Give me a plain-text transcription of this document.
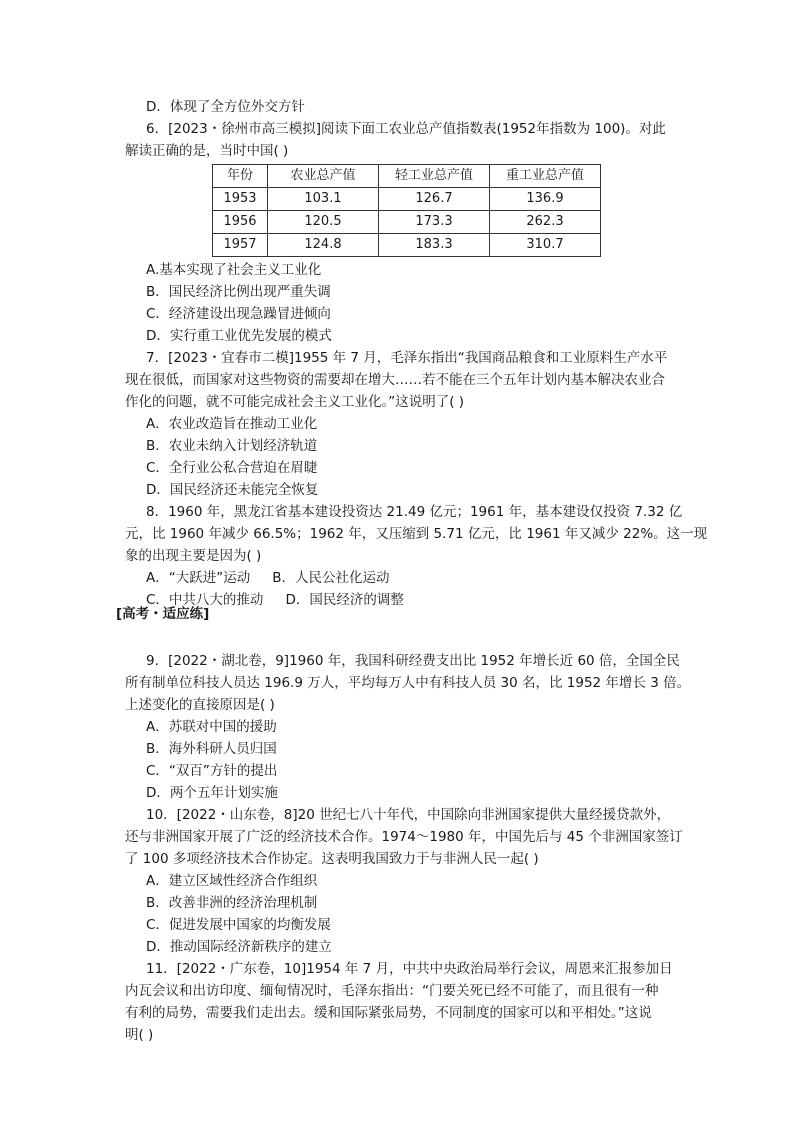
D．体现了全方位外交方针
6．[2023・徐州市高三模拟]阅读下面工农业总产值指数表(1952年指数为 100)。对此
解读正确的是，当时中国( )
年份	农业总产值	轻工业总产值	重工业总产值
1953	103.1	126.7	136.9
1956	120.5	173.3	262.3
1957	124.8	183.3	310.7
A.基本实现了社会主义工业化
B．国民经济比例出现严重失调
C．经济建设出现急躁冒进倾向
D．实行重工业优先发展的模式
7．[2023・宜春市二模]1955 年 7 月，毛泽东指出“我国商品粮食和工业原料生产水平
现在很低，而国家对这些物资的需要却在增大……若不能在三个五年计划内基本解决农业合
作化的问题，就不可能完成社会主义工业化。”这说明了( )
A．农业改造旨在推动工业化
B．农业未纳入计划经济轨道
C．全行业公私合营迫在眉睫
D．国民经济还未能完全恢复
8．1960 年，黑龙江省基本建设投资达 21.49 亿元；1961 年，基本建设仅投资 7.32 亿
元，比 1960 年减少 66.5%；1962 年，又压缩到 5.71 亿元，比 1961 年又减少 22%。这一现
象的出现主要是因为( )
A．“大跃进”运动 B．人民公社化运动
C．中共八大的推动 D．国民经济的调整
[高考・适应练]
9．[2022・湖北卷，9]1960 年，我国科研经费支出比 1952 年增长近 60 倍，全国全民
所有制单位科技人员达 196.9 万人，平均每万人中有科技人员 30 名，比 1952 年增长 3 倍。
上述变化的直接原因是( )
A．苏联对中国的援助
B．海外科研人员归国
C．“双百”方针的提出
D．两个五年计划实施
10．[2022・山东卷，8]20 世纪七八十年代，中国除向非洲国家提供大量经援贷款外，
还与非洲国家开展了广泛的经济技术合作。1974～1980 年，中国先后与 45 个非洲国家签订
了 100 多项经济技术合作协定。这表明我国致力于与非洲人民一起( )
A．建立区域性经济合作组织
B．改善非洲的经济治理机制
C．促进发展中国家的均衡发展
D．推动国际经济新秩序的建立
11．[2022・广东卷，10]1954 年 7 月，中共中央政治局举行会议，周恩来汇报参加日
内瓦会议和出访印度、缅甸情况时，毛泽东指出：“门要关死已经不可能了，而且很有一种
有利的局势，需要我们走出去。缓和国际紧张局势，不同制度的国家可以和平相处。”这说
明( )
